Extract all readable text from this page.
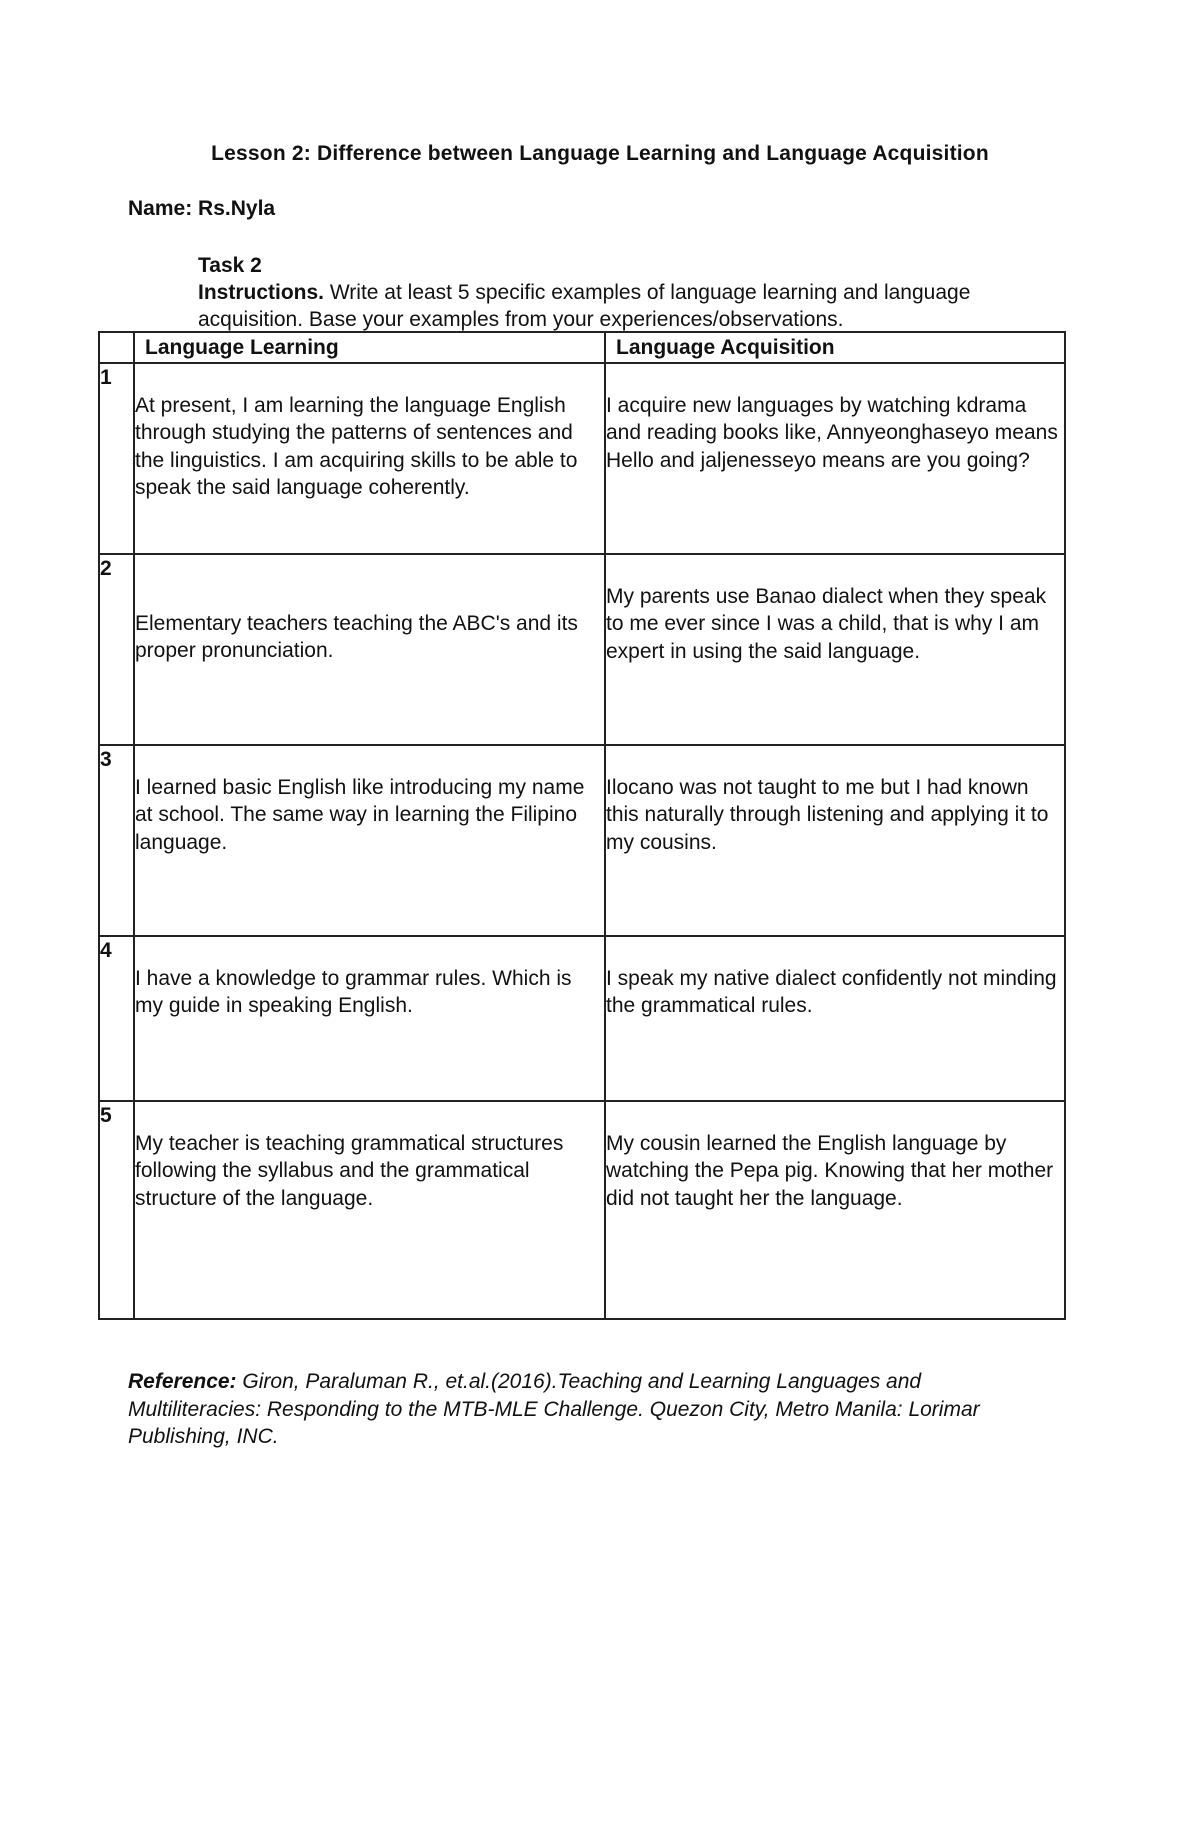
Lesson 2: Difference between Language Learning and Language Acquisition
Name: Rs.Nyla
Task 2
Instructions. Write at least 5 specific examples of language learning and language acquisition. Base your examples from your experiences/observations.
	Language Learning	Language Acquisition
1	At present, I am learning the language English through studying the patterns of sentences and the linguistics. I am acquiring skills to be able to speak the said language coherently.	I acquire new languages by watching kdrama and reading books like, Annyeonghaseyo means Hello and jaljenesseyo means are you going?

2	Elementary teachers teaching the ABC's and its proper pronunciation.	My parents use Banao dialect when they speak to me ever since I was a child, that is why I am expert in using the said language.

3	I learned basic English like introducing my name at school. The same way in learning the Filipino language.	Ilocano was not taught to me but I had known this naturally through listening and applying it to my cousins.

4	I have a knowledge to grammar rules. Which is my guide in speaking English.	I speak my native dialect confidently not minding the grammatical rules.

5	My teacher is teaching grammatical structures following the syllabus and the grammatical structure of the language.	My cousin learned the English language by watching the Pepa pig. Knowing that her mother did not taught her the language.
Reference: Giron, Paraluman R., et.al.(2016).Teaching and Learning Languages and Multiliteracies: Responding to the MTB-MLE Challenge. Quezon City, Metro Manila: Lorimar Publishing, INC.
